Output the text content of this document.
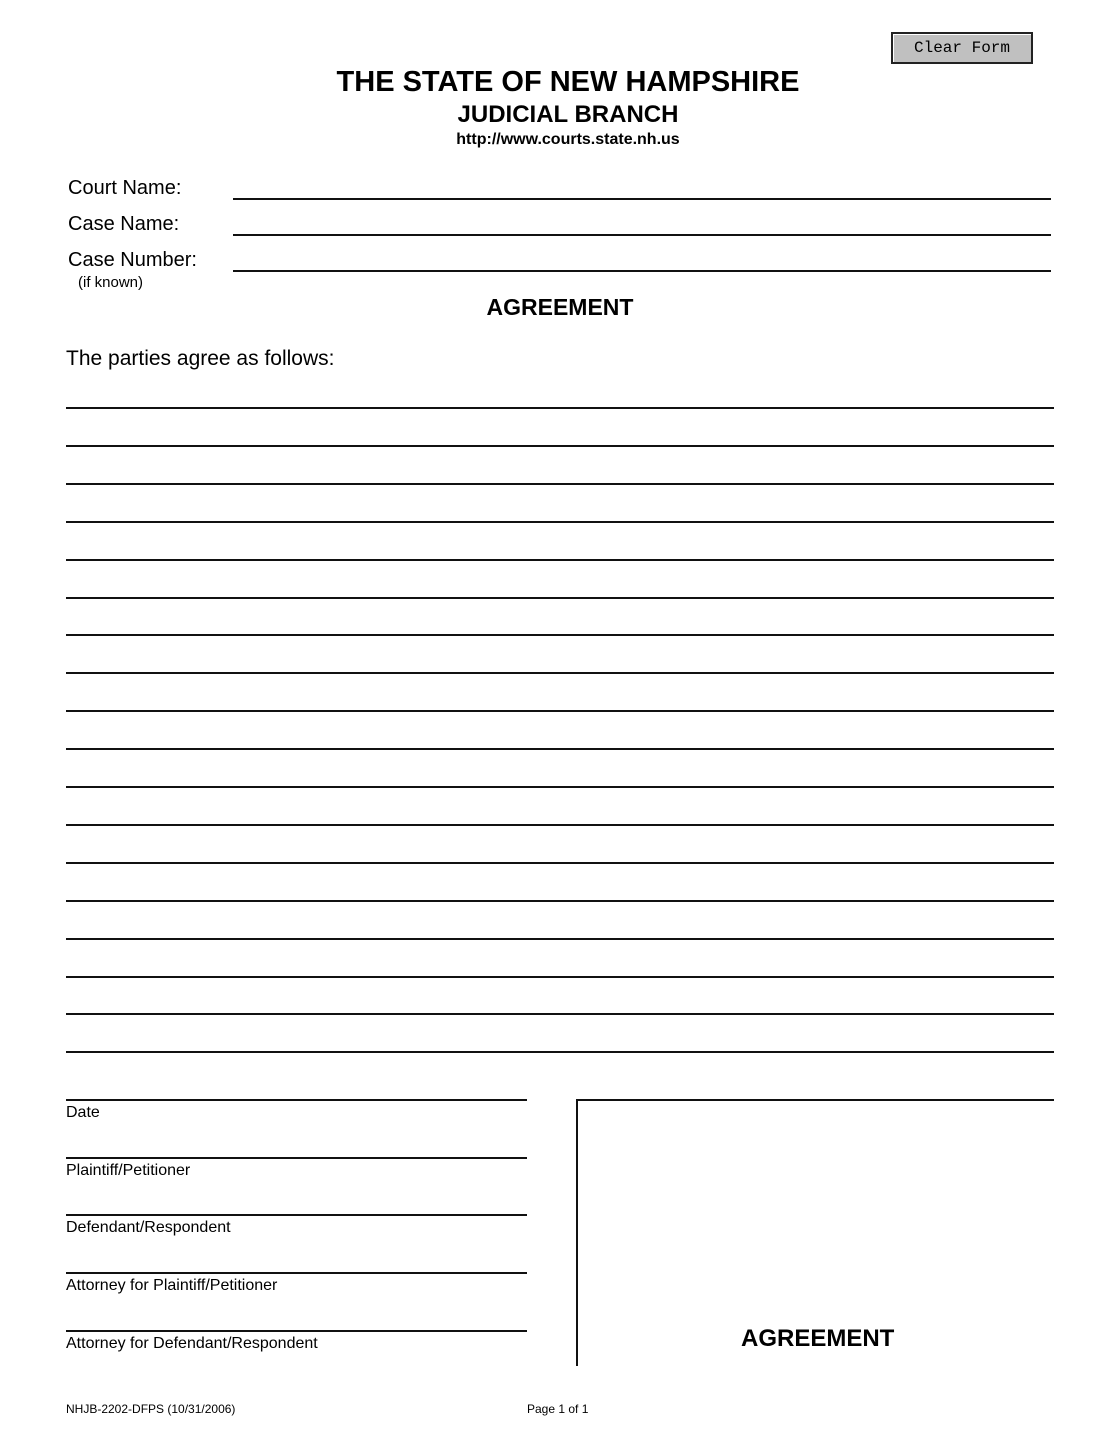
Clear Form
THE STATE OF NEW HAMPSHIRE
JUDICIAL BRANCH
http://www.courts.state.nh.us
Court Name:
Case Name:
Case Number:
(if known)
AGREEMENT
The parties agree as follows:
Date
Plaintiff/Petitioner
Defendant/Respondent
Attorney for Plaintiff/Petitioner
Attorney for Defendant/Respondent	AGREEMENT
NHJB-2202-DFPS (10/31/2006)	Page 1 of 1
